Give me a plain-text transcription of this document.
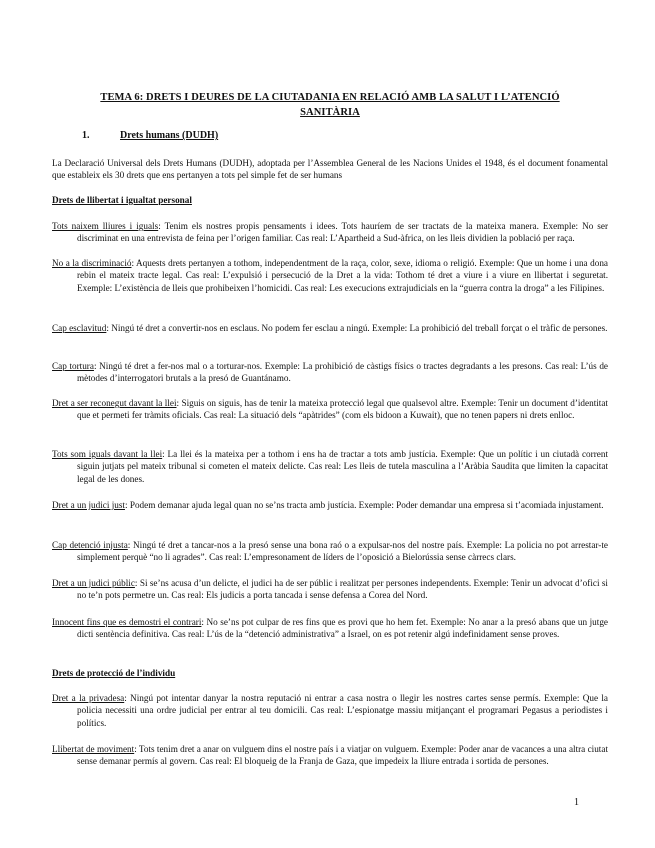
TEMA 6: DRETS I DEURES DE LA CIUTADANIA EN RELACIÓ AMB LA SALUT I L’ATENCIÓ SANITÀRIA
1.	Drets humans (DUDH)
La Declaració Universal dels Drets Humans (DUDH), adoptada per l’Assemblea General de les Nacions Unides el 1948, és el document fonamental que estableix els 30 drets que ens pertanyen a tots pel simple fet de ser humans
Drets de llibertat i igualtat personal
Tots naixem lliures i iguals: Tenim els nostres propis pensaments i idees. Tots hauríem de ser tractats de la mateixa manera. Exemple: No ser discriminat en una entrevista de feina per l’origen familiar. Cas real: L’Apartheid a Sud-àfrica, on les lleis dividien la població per raça.
No a la discriminació: Aquests drets pertanyen a tothom, independentment de la raça, color, sexe, idioma o religió. Exemple: Que un home i una dona rebin el mateix tracte legal. Cas real: L’expulsió i persecució de la Dret a la vida: Tothom té dret a viure i a viure en llibertat i seguretat. Exemple: L’existència de lleis que prohibeixen l’homicidi. Cas real: Les execucions extrajudicials en la “guerra contra la droga” a les Filipines.
Cap esclavitud: Ningú té dret a convertir-nos en esclaus. No podem fer esclau a ningú. Exemple: La prohibició del treball forçat o el tràfic de persones.
Cap tortura: Ningú té dret a fer-nos mal o a torturar-nos. Exemple: La prohibició de càstigs físics o tractes degradants a les presons. Cas real: L’ús de mètodes d’interrogatori brutals a la presó de Guantánamo.
Dret a ser reconegut davant la llei: Siguis on siguis, has de tenir la mateixa protecció legal que qualsevol altre. Exemple: Tenir un document d’identitat que et permeti fer tràmits oficials. Cas real: La situació dels “apàtrides” (com els bidoon a Kuwait), que no tenen papers ni drets enlloc.
Tots som iguals davant la llei: La llei és la mateixa per a tothom i ens ha de tractar a tots amb justícia. Exemple: Que un polític i un ciutadà corrent siguin jutjats pel mateix tribunal si cometen el mateix delicte. Cas real: Les lleis de tutela masculina a l’Aràbia Saudita que limiten la capacitat legal de les dones.
Dret a un judici just: Podem demanar ajuda legal quan no se’ns tracta amb justícia. Exemple: Poder demandar una empresa si t’acomiada injustament.
Cap detenció injusta: Ningú té dret a tancar-nos a la presó sense una bona raó o a expulsar-nos del nostre país. Exemple: La policia no pot arrestar-te simplement perquè “no li agrades”. Cas real: L’empresonament de líders de l’oposició a Bielorússia sense càrrecs clars.
Dret a un judici públic: Si se’ns acusa d’un delicte, el judici ha de ser públic i realitzat per persones independents. Exemple: Tenir un advocat d’ofici si no te’n pots permetre un. Cas real: Els judicis a porta tancada i sense defensa a Corea del Nord.
Innocent fins que es demostri el contrari: No se’ns pot culpar de res fins que es provi que ho hem fet. Exemple: No anar a la presó abans que un jutge dicti sentència definitiva. Cas real: L’ús de la “detenció administrativa” a Israel, on es pot retenir algú indefinidament sense proves.
Drets de protecció de l’individu
Dret a la privadesa: Ningú pot intentar danyar la nostra reputació ni entrar a casa nostra o llegir les nostres cartes sense permís. Exemple: Que la policia necessiti una ordre judicial per entrar al teu domicili. Cas real: L’espionatge massiu mitjançant el programari Pegasus a periodistes i polítics.
Llibertat de moviment: Tots tenim dret a anar on vulguem dins el nostre país i a viatjar on vulguem. Exemple: Poder anar de vacances a una altra ciutat sense demanar permís al govern. Cas real: El bloqueig de la Franja de Gaza, que impedeix la lliure entrada i sortida de persones.
1
